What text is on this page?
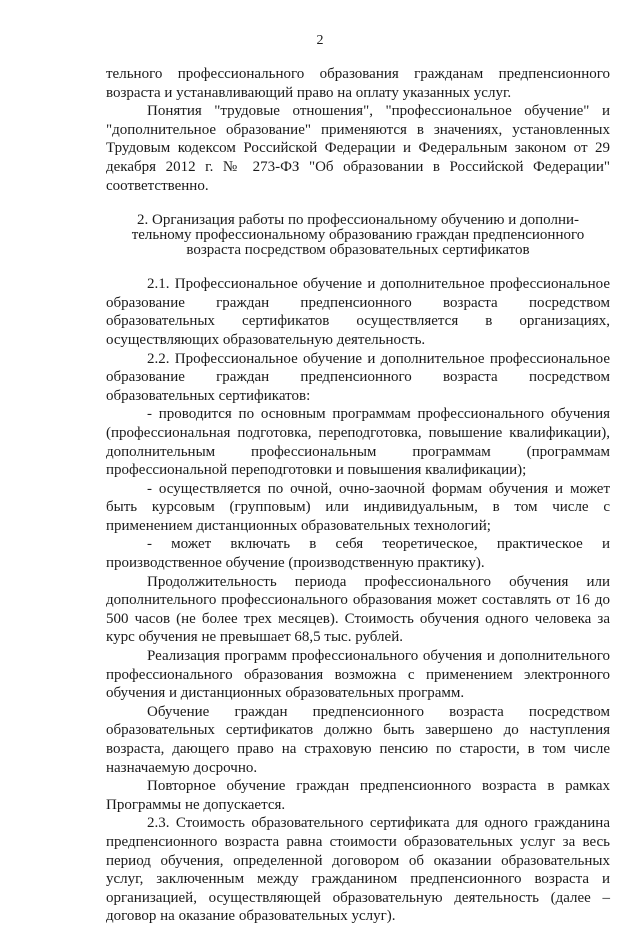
2

тельного профессионального образования гражданам предпенсионного возраста и устанавливающий право на оплату указанных услуг.

Понятия "трудовые отношения", "профессиональное обучение" и "дополнительное образование" применяются в значениях, установленных Трудовым кодексом Российской Федерации и Федеральным законом от 29 декабря 2012 г. № 273-ФЗ "Об образовании в Российской Федерации" соответственно.

2. Организация работы по профессиональному обучению и дополни-
тельному профессиональному образованию граждан предпенсионного
возраста посредством образовательных сертификатов

2.1. Профессиональное обучение и дополнительное профессиональное образование граждан предпенсионного возраста посредством образовательных сертификатов осуществляется в организациях, осуществляющих образовательную деятельность.

2.2. Профессиональное обучение и дополнительное профессиональное образование граждан предпенсионного возраста посредством образовательных сертификатов:

- проводится по основным программам профессионального обучения (профессиональная подготовка, переподготовка, повышение квалификации), дополнительным профессиональным программам (программам профессиональной переподготовки и повышения квалификации);

- осуществляется по очной, очно-заочной формам обучения и может быть курсовым (групповым) или индивидуальным, в том числе с применением дистанционных образовательных технологий;

- может включать в себя теоретическое, практическое и производственное обучение (производственную практику).

Продолжительность периода профессионального обучения или дополнительного профессионального образования может составлять от 16 до 500 часов (не более трех месяцев). Стоимость обучения одного человека за курс обучения не превышает 68,5 тыс. рублей.

Реализация программ профессионального обучения и дополнительного профессионального образования возможна с применением электронного обучения и дистанционных образовательных программ.

Обучение граждан предпенсионного возраста посредством образовательных сертификатов должно быть завершено до наступления возраста, дающего право на страховую пенсию по старости, в том числе назначаемую досрочно.

Повторное обучение граждан предпенсионного возраста в рамках Программы не допускается.

2.3. Стоимость образовательного сертификата для одного гражданина предпенсионного возраста равна стоимости образовательных услуг за весь период обучения, определенной договором об оказании образовательных услуг, заключенным между гражданином предпенсионного возраста и организацией, осуществляющей образовательную деятельность (далее – договор на оказание образовательных услуг).
